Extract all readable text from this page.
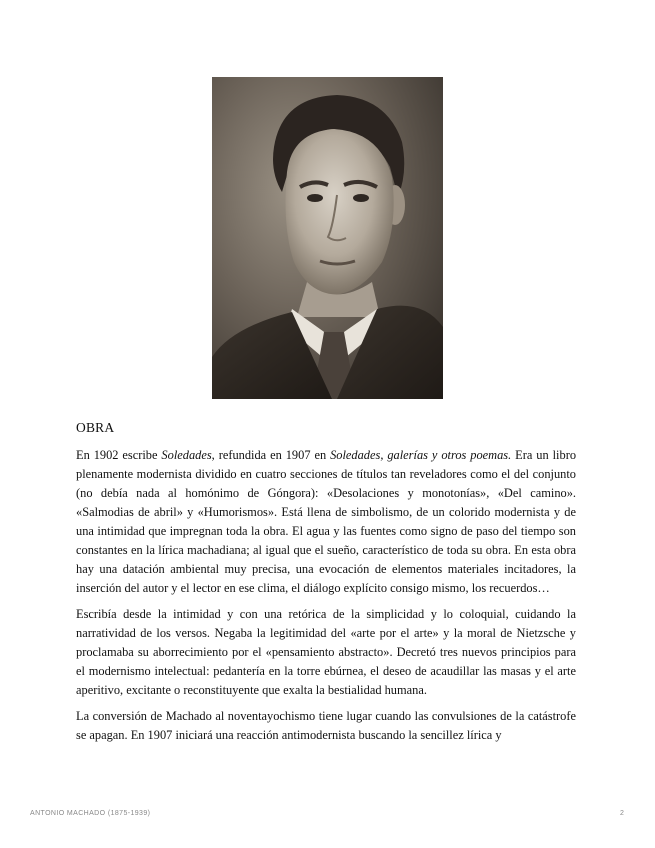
OBRA

En 1902 escribe Soledades, refundida en 1907 en Soledades, galerías y otros poemas. Era un libro plenamente modernista dividido en cuatro secciones de títulos tan reveladores como el del conjunto (no debía nada al homónimo de Góngora): «Desolaciones y monotonías», «Del camino». «Salmodias de abril» y «Humorismos». Está llena de simbolismo, de un colorido modernista y de una intimidad que impregnan toda la obra. El agua y las fuentes como signo de paso del tiempo son constantes en la lírica machadiana; al igual que el sueño, característico de toda su obra. En esta obra hay una datación ambiental muy precisa, una evocación de elementos materiales incitadores, la inserción del autor y el lector en ese clima, el diálogo explícito consigo mismo, los recuerdos…

Escribía desde la intimidad y con una retórica de la simplicidad y lo coloquial, cuidando la narratividad de los versos. Negaba la legitimidad del «arte por el arte» y la moral de Nietzsche y proclamaba su aborrecimiento por el «pensamiento abstracto». Decretó tres nuevos principios para el modernismo intelectual: pedantería en la torre ebúrnea, el deseo de acaudillar las masas y el arte aperitivo, excitante o reconstituyente que exalta la bestialidad humana.

La conversión de Machado al noventayochismo tiene lugar cuando las convulsiones de la catástrofe se apagan. En 1907 iniciará una reacción antimodernista buscando la sencillez lírica y

ANTONIO MACHADO (1875-1939)	2
